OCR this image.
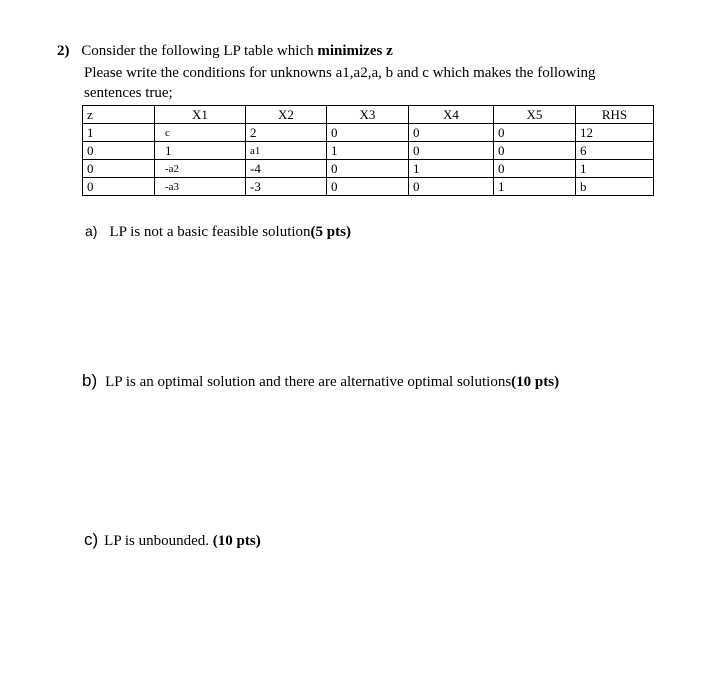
2) Consider the following LP table which minimizes z
Please write the conditions for unknowns a1,a2,a, b and c which makes the following
sentences true;
z	X1	X2	X3	X4	X5	RHS
1	c	2	0	0	0	12
0	1	a1	1	0	0	6
0	-a2	-4	0	1	0	1
0	-a3	-3	0	0	1	b
a) LP is not a basic feasible solution(5 pts)
b) LP is an optimal solution and there are alternative optimal solutions(10 pts)
c) LP is unbounded. (10 pts)
